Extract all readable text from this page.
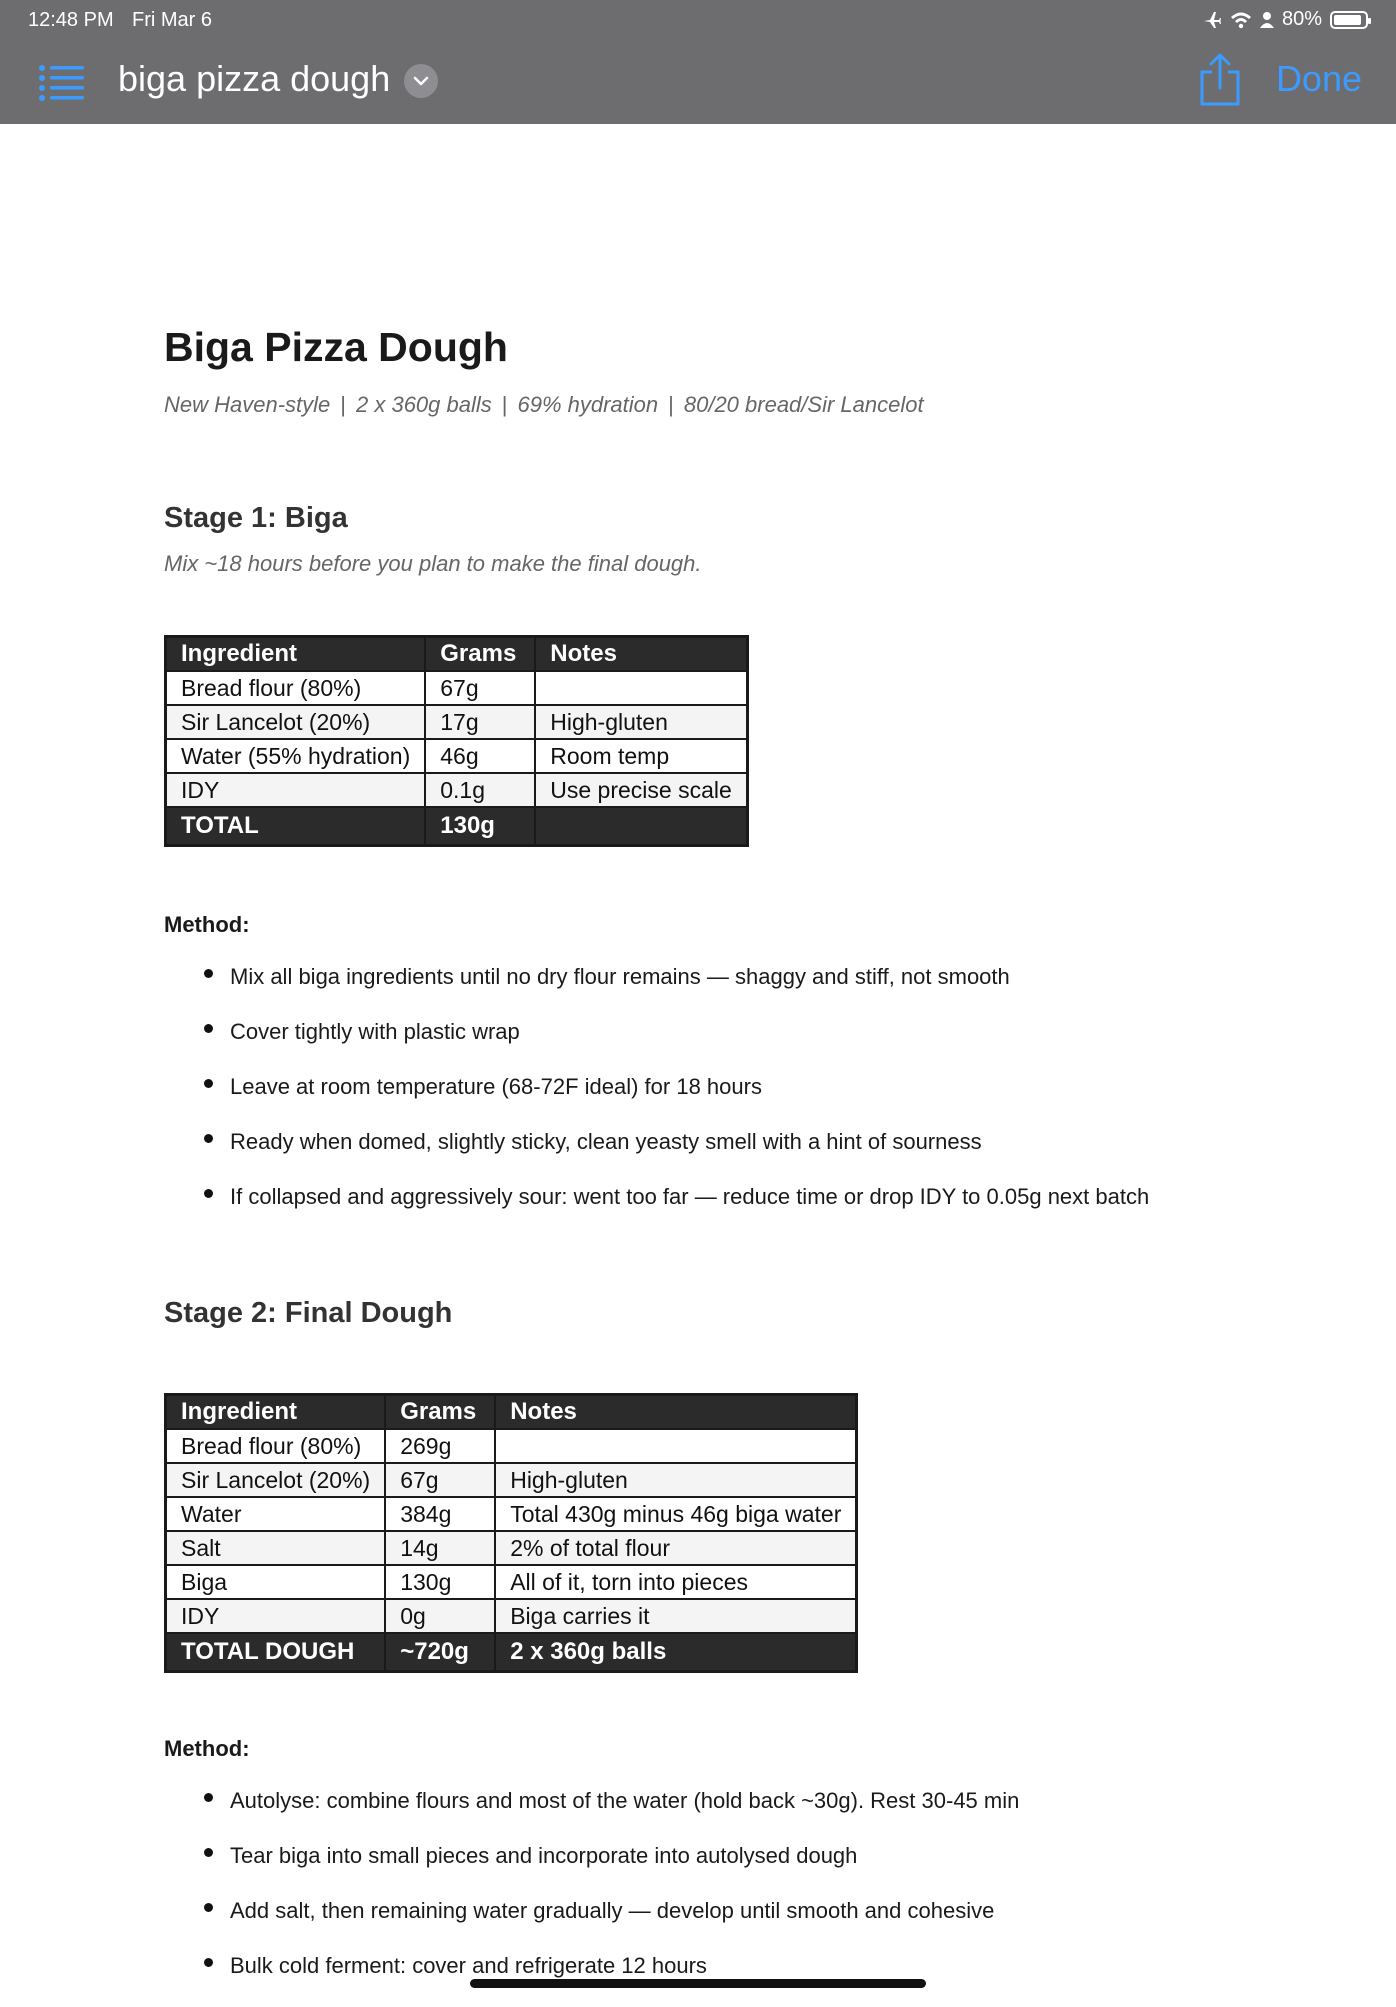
12:48 PM Fri Mar 6	80%
biga pizza dough	Done
Biga Pizza Dough
New Haven-style | 2 x 360g balls | 69% hydration | 80/20 bread/Sir Lancelot
Stage 1: Biga
Mix ~18 hours before you plan to make the final dough.
Ingredient	Grams	Notes
Bread flour (80%)	67g	
Sir Lancelot (20%)	17g	High-gluten
Water (55% hydration)	46g	Room temp
IDY	0.1g	Use precise scale
TOTAL	130g	
Method:
Mix all biga ingredients until no dry flour remains — shaggy and stiff, not smooth
Cover tightly with plastic wrap
Leave at room temperature (68-72F ideal) for 18 hours
Ready when domed, slightly sticky, clean yeasty smell with a hint of sourness
If collapsed and aggressively sour: went too far — reduce time or drop IDY to 0.05g next batch
Stage 2: Final Dough
Ingredient	Grams	Notes
Bread flour (80%)	269g	
Sir Lancelot (20%)	67g	High-gluten
Water	384g	Total 430g minus 46g biga water
Salt	14g	2% of total flour
Biga	130g	All of it, torn into pieces
IDY	0g	Biga carries it
TOTAL DOUGH	~720g	2 x 360g balls
Method:
Autolyse: combine flours and most of the water (hold back ~30g). Rest 30-45 min
Tear biga into small pieces and incorporate into autolysed dough
Add salt, then remaining water gradually — develop until smooth and cohesive
Bulk cold ferment: cover and refrigerate 12 hours
